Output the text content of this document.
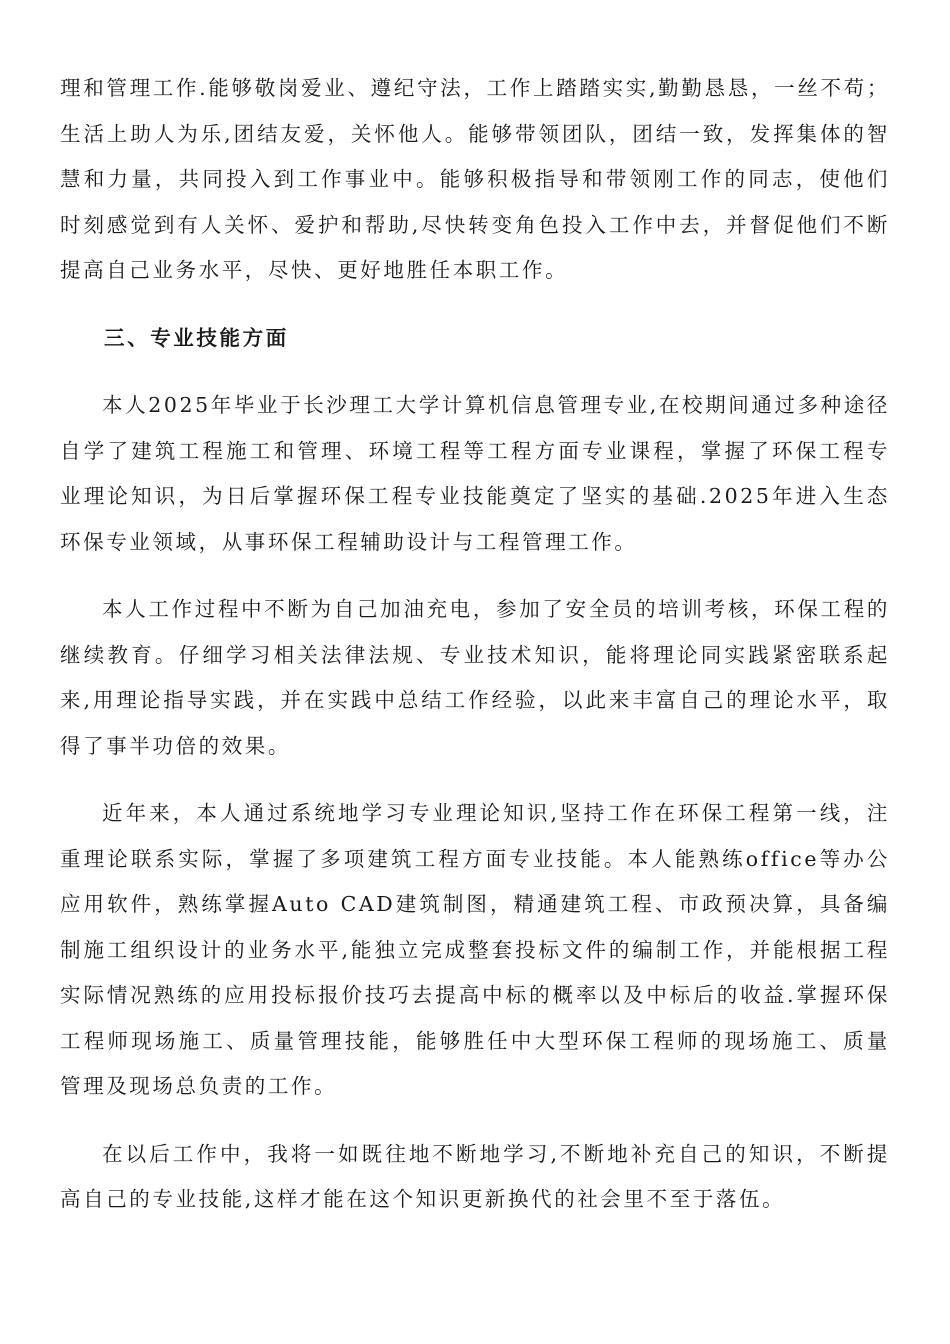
理和管理工作.能够敬岗爱业、遵纪守法，工作上踏踏实实,勤勤恳恳，一丝不苟；生活上助人为乐,团结友爱，关怀他人。能够带领团队，团结一致，发挥集体的智慧和力量，共同投入到工作事业中。能够积极指导和带领刚工作的同志，使他们时刻感觉到有人关怀、爱护和帮助,尽快转变角色投入工作中去，并督促他们不断提高自己业务水平，尽快、更好地胜任本职工作。

三、专业技能方面

本人2025年毕业于长沙理工大学计算机信息管理专业,在校期间通过多种途径自学了建筑工程施工和管理、环境工程等工程方面专业课程，掌握了环保工程专业理论知识，为日后掌握环保工程专业技能奠定了坚实的基础.2025年进入生态环保专业领域，从事环保工程辅助设计与工程管理工作。

本人工作过程中不断为自己加油充电，参加了安全员的培训考核，环保工程的继续教育。仔细学习相关法律法规、专业技术知识，能将理论同实践紧密联系起来,用理论指导实践，并在实践中总结工作经验，以此来丰富自己的理论水平，取得了事半功倍的效果。

近年来，本人通过系统地学习专业理论知识,坚持工作在环保工程第一线，注重理论联系实际，掌握了多项建筑工程方面专业技能。本人能熟练office等办公应用软件，熟练掌握Auto CAD建筑制图，精通建筑工程、市政预决算，具备编制施工组织设计的业务水平,能独立完成整套投标文件的编制工作，并能根据工程实际情况熟练的应用投标报价技巧去提高中标的概率以及中标后的收益.掌握环保工程师现场施工、质量管理技能，能够胜任中大型环保工程师的现场施工、质量管理及现场总负责的工作。

在以后工作中，我将一如既往地不断地学习,不断地补充自己的知识，不断提高自己的专业技能,这样才能在这个知识更新换代的社会里不至于落伍。
